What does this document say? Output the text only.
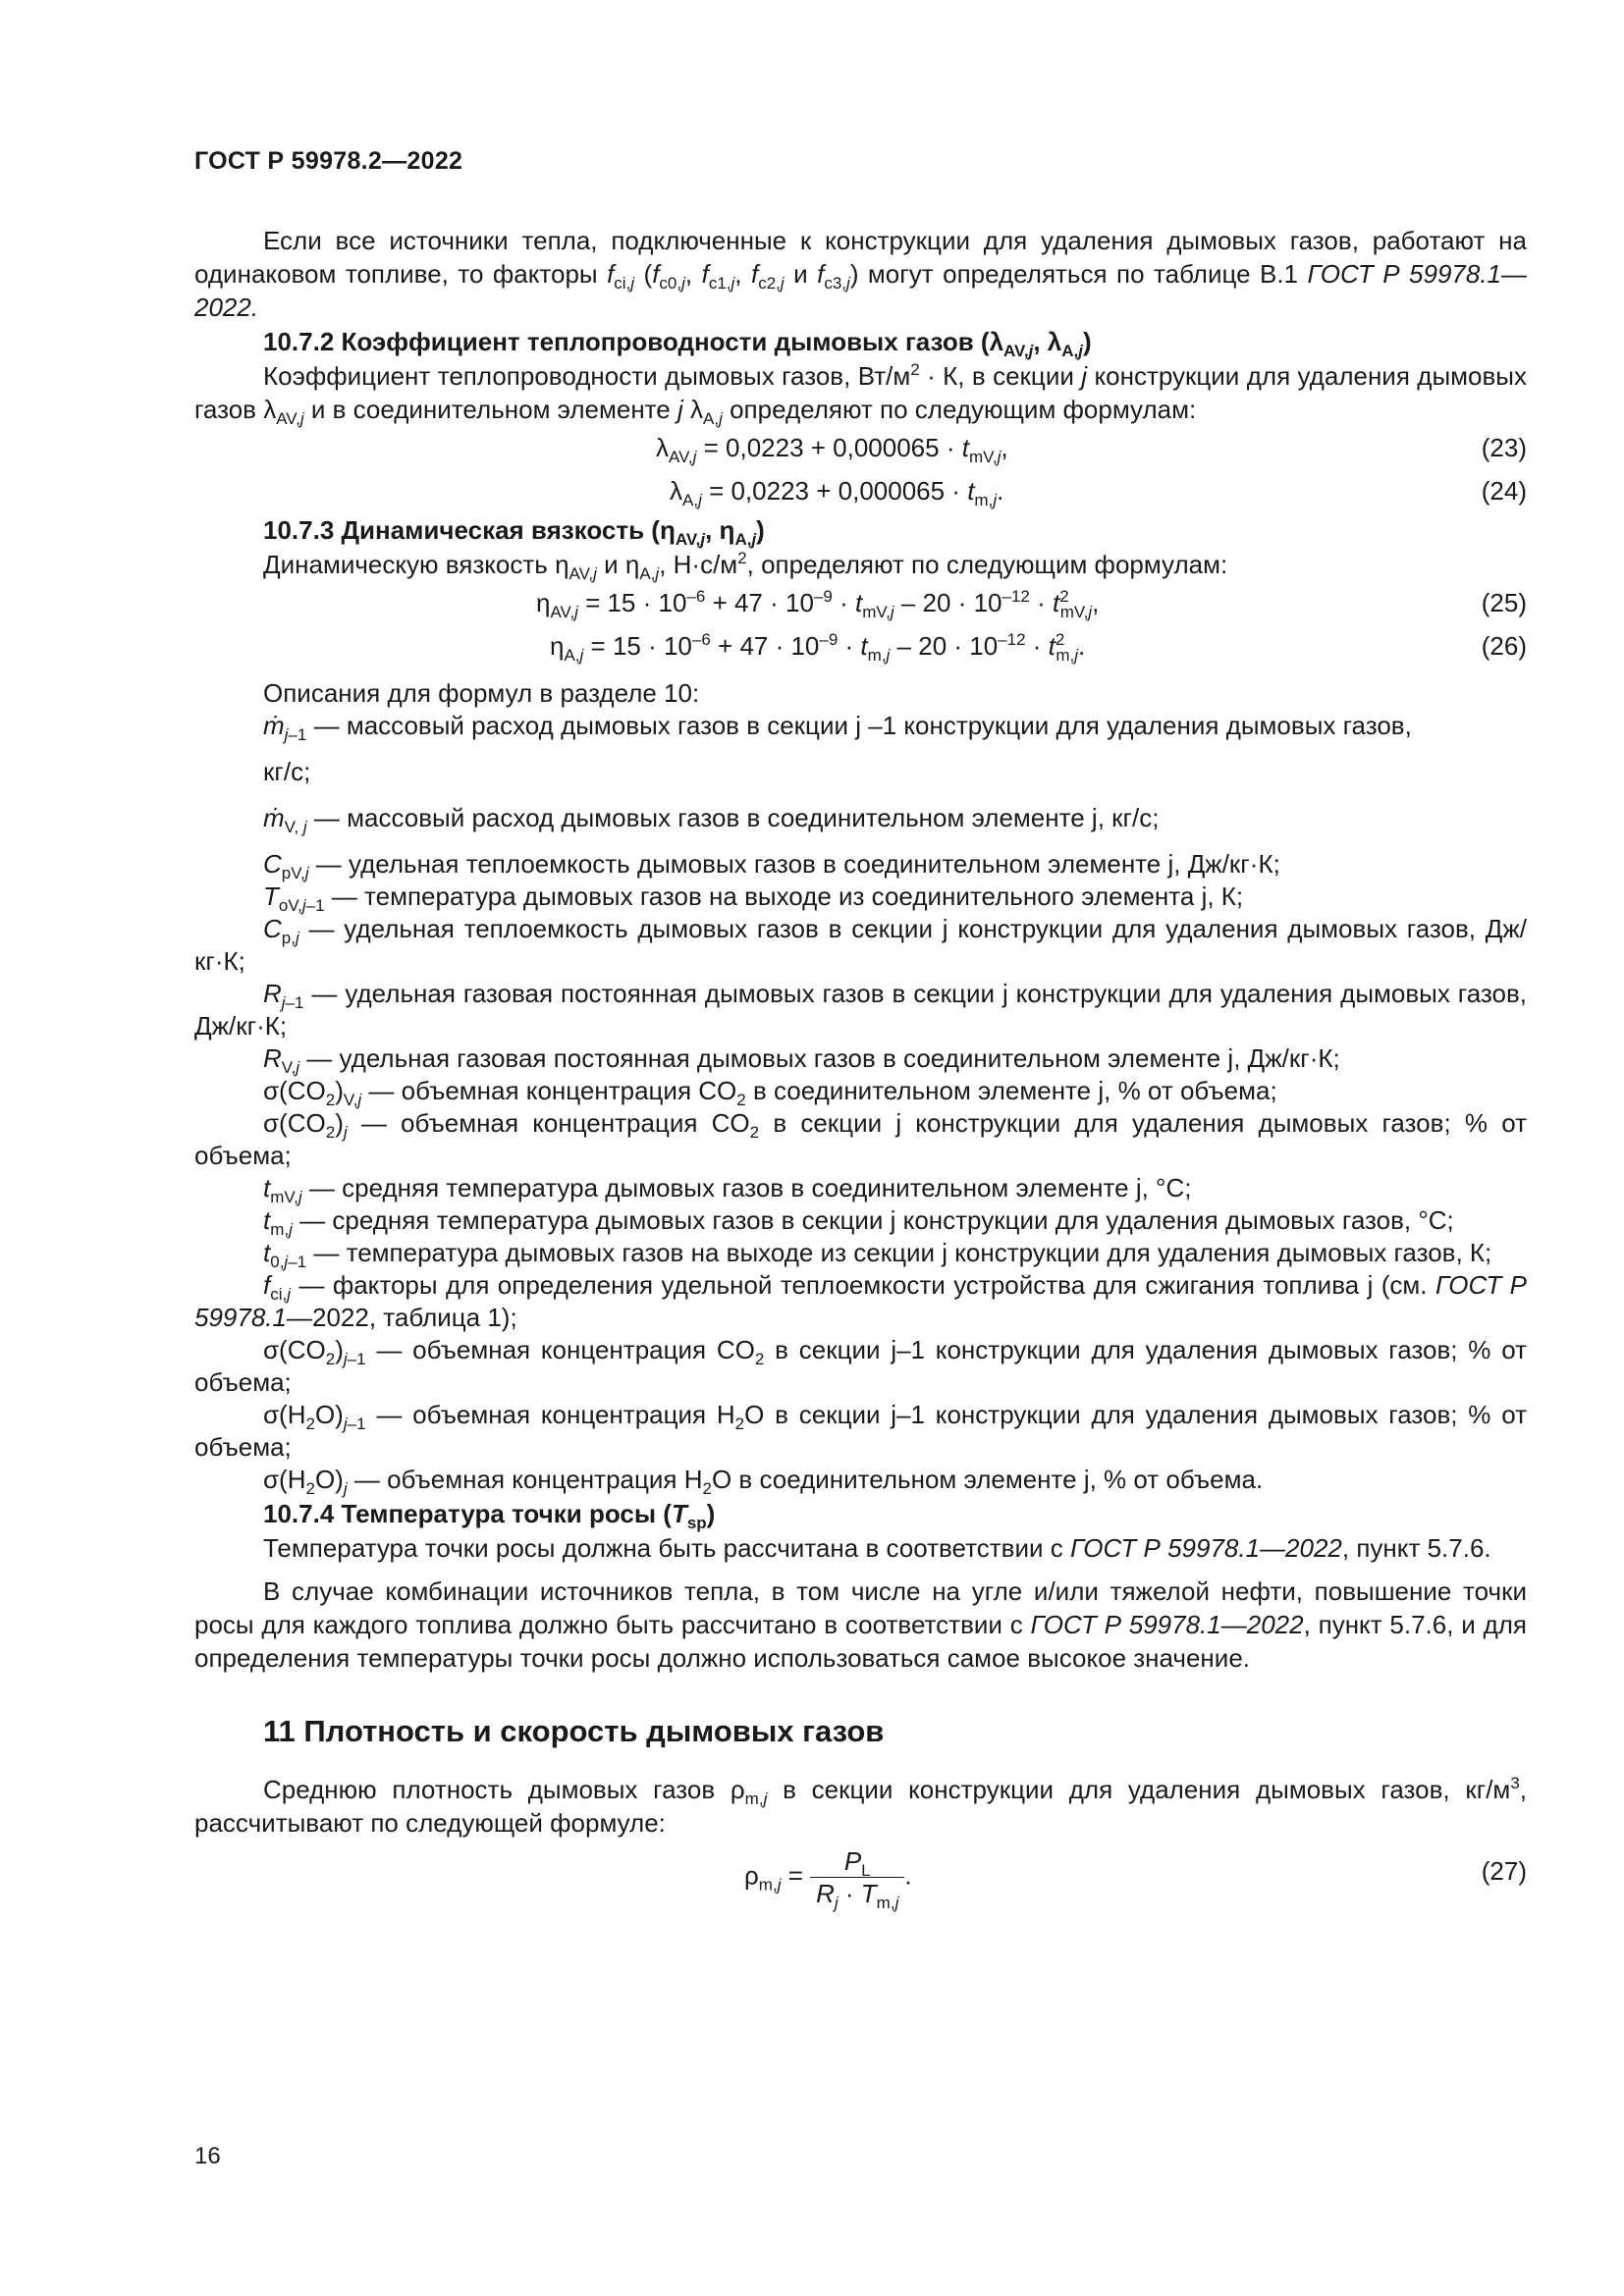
ГОСТ Р 59978.2—2022

Если все источники тепла, подключенные к конструкции для удаления дымовых газов, работают на одинаковом топливе, то факторы $f_{ci,j}$ ($f_{c0,j}$, $f_{c1,j}$, $f_{c2,j}$ и $f_{c3,j}$) могут определяться по таблице В.1 ГОСТ Р 59978.1—2022.

10.7.2 Коэффициент теплопроводности дымовых газов ($\lambda_{AV,j}$, $\lambda_{A,j}$)

Коэффициент теплопроводности дымовых газов, $Вт/м^2 \cdot К$, в секции j конструкции для удаления дымовых газов $\lambda_{AV,j}$ и в соединительном элементе j $\lambda_{A,j}$ определяют по следующим формулам:

$\lambda_{AV,j} = 0,0223 + 0,000065 \cdot t_{mV,j}$,	(23)
$\lambda_{A,j} = 0,0223 + 0,000065 \cdot t_{m,j}$.	(24)

10.7.3 Динамическая вязкость ($\eta_{AV,j}$, $\eta_{A,j}$)

Динамическую вязкость $\eta_{AV,j}$ и $\eta_{A,j}$, $Н\cdot с/м^2$, определяют по следующим формулам:

$\eta_{AV,j} = 15 \cdot 10^{-6} + 47 \cdot 10^{-9} \cdot t_{mV,j} - 20 \cdot 10^{-12} \cdot t^2_{mV,j}$,	(25)
$\eta_{A,j} = 15 \cdot 10^{-6} + 47 \cdot 10^{-9} \cdot t_{m,j} - 20 \cdot 10^{-12} \cdot t^2_{m,j}$.	(26)

Описания для формул в разделе 10:

ṁ$_{j-1}$ — массовый расход дымовых газов в секции j –1 конструкции для удаления дымовых газов,

кг/с;

ṁ$_{V, j}$ — массовый расход дымовых газов в соединительном элементе j, кг/с;

$C_{pV,j}$ — удельная теплоемкость дымовых газов в соединительном элементе j, Дж/кг·К;

$T_{oV,j-1}$ — температура дымовых газов на выходе из соединительного элемента j, К;

$C_{p,j}$ — удельная теплоемкость дымовых газов в секции j конструкции для удаления дымовых газов, Дж/кг·К;

$R_{j-1}$ — удельная газовая постоянная дымовых газов в секции j конструкции для удаления дымовых газов, Дж/кг·К;

$R_{V,j}$ — удельная газовая постоянная дымовых газов в соединительном элементе j, Дж/кг·К;

$\sigma(CO_2)_{V,j}$ — объемная концентрация $CO_2$ в соединительном элементе j, % от объема;

$\sigma(CO_2)_j$ — объемная концентрация $CO_2$ в секции j конструкции для удаления дымовых газов; % от объема;

$t_{mV,j}$ — средняя температура дымовых газов в соединительном элементе j, °C;

$t_{m,j}$ — средняя температура дымовых газов в секции j конструкции для удаления дымовых газов, °C;

$t_{0,j-1}$ — температура дымовых газов на выходе из секции j конструкции для удаления дымовых газов, К;

$f_{ci,j}$ — факторы для определения удельной теплоемкости устройства для сжигания топлива j (см. ГОСТ Р 59978.1—2022, таблица 1);

$\sigma(CO_2)_{j-1}$ — объемная концентрация $CO_2$ в секции j–1 конструкции для удаления дымовых газов; % от объема;

$\sigma(H_2O)_{j-1}$ — объемная концентрация $H_2O$ в секции j–1 конструкции для удаления дымовых газов; % от объема;

$\sigma(H_2O)_j$ — объемная концентрация $H_2O$ в соединительном элементе j, % от объема.

10.7.4 Температура точки росы $(T_{sp})$

Температура точки росы должна быть рассчитана в соответствии с ГОСТ Р 59978.1—2022, пункт 5.7.6.

В случае комбинации источников тепла, в том числе на угле и/или тяжелой нефти, повышение точки росы для каждого топлива должно быть рассчитано в соответствии с ГОСТ Р 59978.1—2022, пункт 5.7.6, и для определения температуры точки росы должно использоваться самое высокое значение.

11 Плотность и скорость дымовых газов

Среднюю плотность дымовых газов $\rho_{m,j}$ в секции конструкции для удаления дымовых газов, $кг/м^3$, рассчитывают по следующей формуле:

$\rho_{m,j} = \frac{P_L}{R_j \cdot T_{m,j}}$ .	(27)
16
